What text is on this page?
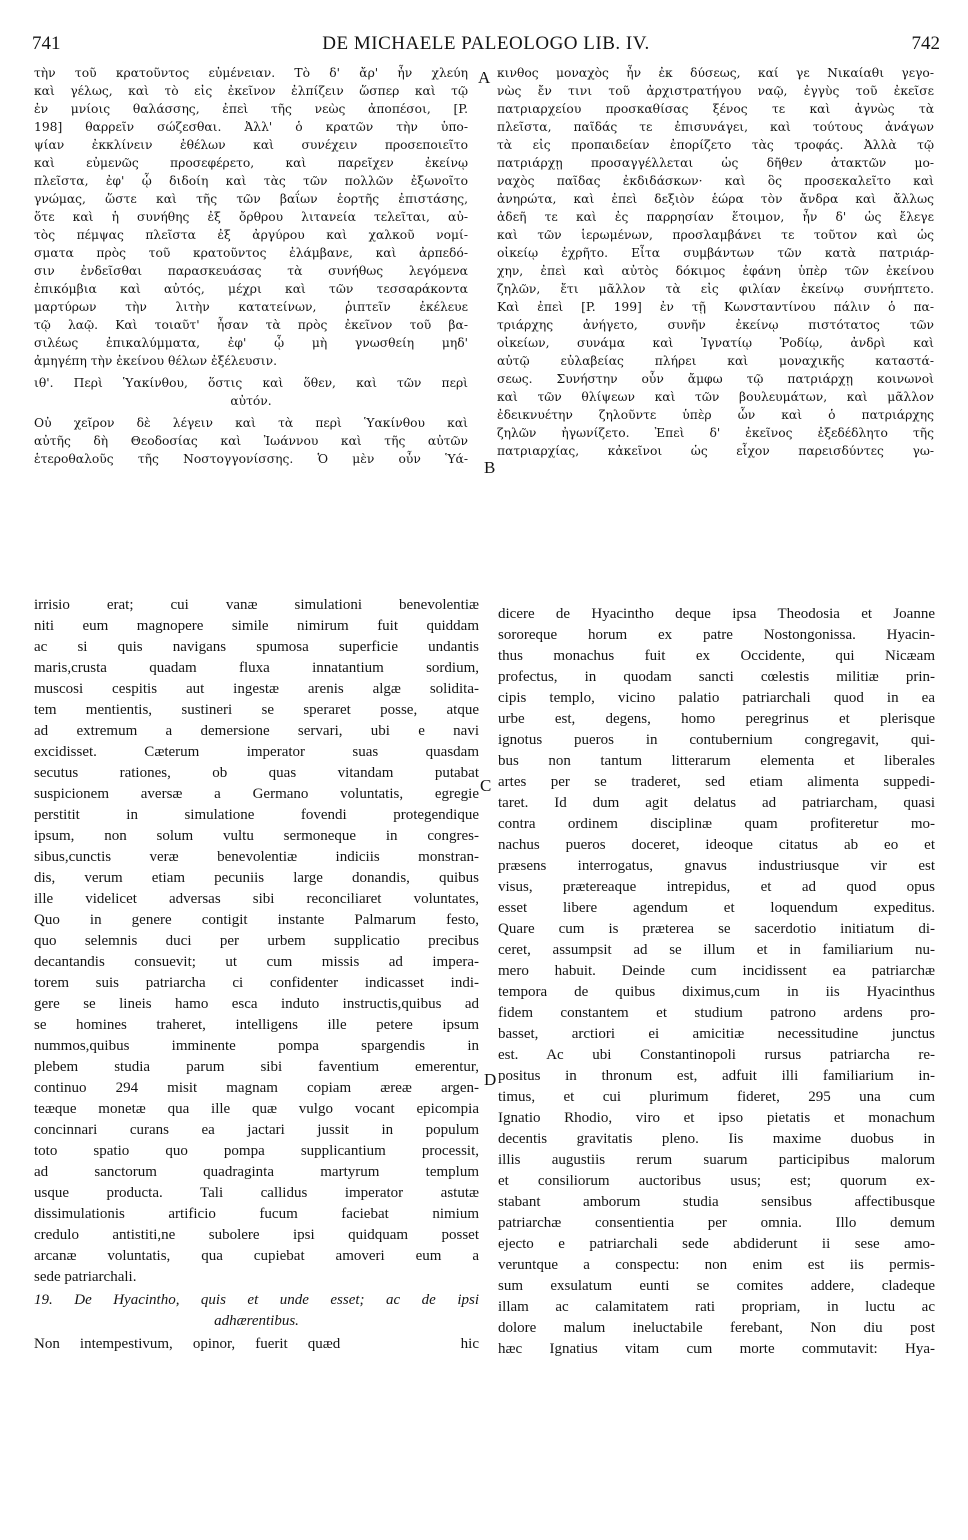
741	DE MICHAELE PALEOLOGO LIB. IV.	742
A
B
C
D
τὴν τοῦ κρατοῦντος εὐμένειαν. Τὸ δ' ἄρ' ἦν χλεύη
καὶ γέλως, καὶ τὸ εἰς ἐκεῖνον ἐλπίζειν ὥσπερ καὶ τῷ
ἐν μνίοις θαλάσσης, ἐπεὶ τῆς νεὼς ἀποπέσοι, [P.
198] θαρρεῖν σώζεσθαι. Ἀλλ' ὁ κρατῶν τὴν ὑπο-
ψίαν ἐκκλίνειν ἐθέλων καὶ συνέχειν προσεποιεῖτο
καὶ εὐμενῶς προσεφέρετο, καὶ παρεῖχεν ἐκείνῳ
πλεῖστα, ἐφ' ᾧ διδοίη καὶ τὰς τῶν πολλῶν ἐξωνοῖτο
γνώμας, ὥστε καὶ τῆς τῶν βαΐων ἑορτῆς ἐπιστάσης,
ὅτε καὶ ἡ συνήθης ἐξ ὄρθρου λιτανεία τελεῖται, αὐ-
τὸς πέμψας πλεῖστα ἐξ ἀργύρου καὶ χαλκοῦ νομί-
σματα πρὸς τοῦ κρατοῦντος ἐλάμβανε, καὶ ἀρπεδό-
σιν ἐνδεῖσθαι παρασκευάσας τὰ συνήθως λεγόμενα
ἐπικόμβια καὶ αὐτός, μέχρι καὶ τῶν τεσσαράκοντα
μαρτύρων τὴν λιτὴν κατατείνων, ῥιπτεῖν ἐκέλευε
τῷ λαῷ. Καὶ τοιαῦτ' ἦσαν τὰ πρὸς ἐκεῖνον τοῦ βα-
σιλέως ἐπικαλύμματα, ἐφ' ᾧ μὴ γνωσθείη μηδ'
ἀμηγέπη τὴν ἐκείνου θέλων ἐξέλευσιν.
ιθ'. Περὶ Ὑακίνθου, ὅστις καὶ ὅθεν, καὶ τῶν περὶ
αὐτόν.
Οὐ χεῖρον δὲ λέγειν καὶ τὰ περὶ Ὑακίνθου καὶ
αὐτῆς δὴ Θεοδοσίας καὶ Ἰωάννου καὶ τῆς αὐτῶν
ἑτεροθαλοῦς τῆς Νοστογγονίσσης. Ὁ μὲν οὖν Ὑά-
κινθος μοναχὸς ἦν ἐκ δύσεως, καί γε Νικαίαθι γεγο-
νὼς ἔν τινι τοῦ ἀρχιστρατήγου ναῷ, ἐγγὺς τοῦ ἐκεῖσε
πατριαρχείου προσκαθίσας ξένος τε καὶ ἀγνὼς τὰ
πλεῖστα, παῖδάς τε ἐπισυνάγει, καὶ τούτους ἀνάγων
τὰ εἰς προπαιδείαν ἐπορίζετο τὰς τροφάς. Ἀλλὰ τῷ
πατριάρχῃ προσαγγέλλεται ὡς δῆθεν ἀτακτῶν μο-
ναχὸς παῖδας ἐκδιδάσκων· καὶ ὃς προσεκαλεῖτο καὶ
ἀνηρώτα, καὶ ἐπεὶ δεξιὸν ἑώρα τὸν ἄνδρα καὶ ἄλλως
ἀδεῆ τε καὶ ἐς παρρησίαν ἕτοιμον, ἦν δ' ὡς ἔλεγε
καὶ τῶν ἱερωμένων, προσλαμβάνει τε τοῦτον καὶ ὡς
οἰκείῳ ἐχρῆτο. Εἶτα συμβάντων τῶν κατὰ πατριάρ-
χην, ἐπεὶ καὶ αὐτὸς δόκιμος ἐφάνη ὑπὲρ τῶν ἐκείνου
ζηλῶν, ἔτι μᾶλλον τὰ εἰς φιλίαν ἐκείνῳ συνήπτετο.
Καὶ ἐπεὶ [P. 199] ἐν τῇ Κωνσταντίνου πάλιν ὁ πα-
τριάρχης ἀνήγετο, συνῆν ἐκείνῳ πιστότατος τῶν
οἰκείων, συνάμα καὶ Ἰγνατίῳ Ῥοδίῳ, ἀνδρὶ καὶ
αὐτῷ εὐλαβείας πλήρει καὶ μοναχικῆς καταστά-
σεως. Συνήστην οὖν ἄμφω τῷ πατριάρχῃ κοινωνοὶ
καὶ τῶν θλίψεων καὶ τῶν βουλευμάτων, καὶ μᾶλλον
ἐδεικνυέτην ζηλοῦντε ὑπὲρ ὧν καὶ ὁ πατριάρχης
ζηλῶν ἠγωνίζετο. Ἐπεὶ δ' ἐκεῖνος ἐξεδέδλητο τῆς
πατριαρχίας, κἀκεῖνοι ὡς εἶχον παρεισδύντες γω-
irrisio erat; cui vanæ simulationi benevolentiæ
niti eum magnopere simile nimirum fuit quiddam
ac si quis navigans spumosa superficie undantis
maris,crusta quadam fluxa innatantium sordium,
muscosi cespitis aut ingestæ arenis algæ solidita-
tem mentientis, sustineri se speraret posse, atque
ad extremum a demersione servari, ubi e navi
excidisset. Cæterum imperator suas quasdam
secutus rationes, ob quas vitandam putabat
suspicionem aversæ a Germano voluntatis, egregie
perstitit in simulatione fovendi protegendique
ipsum, non solum vultu sermoneque in congres-
sibus,cunctis veræ benevolentiæ indiciis monstran-
dis, verum etiam pecuniis large donandis, quibus
ille videlicet adversas sibi reconciliaret voluntates,
Quo in genere contigit instante Palmarum festo,
quo selemnis duci per urbem supplicatio precibus
decantandis consuevit; ut cum missis ad impera-
torem suis patriarcha ci confidenter indicasset indi-
gere se lineis hamo esca induto instructis,quibus ad
se homines traheret, intelligens ille petere ipsum
nummos,quibus imminente pompa spargendis in
plebem studia parum sibi faventium emerentur,
continuo 294 misit magnam copiam æreæ argen-
teæque monetæ qua ille quæ vulgo vocant epicompia
concinnari curans ea jactari jussit in populum
toto spatio quo pompa supplicantium processit,
ad sanctorum quadraginta martyrum templum
usque producta. Tali callidus imperator astutæ
dissimulationis artificio fucum faciebat nimium
credulo antistiti,ne subolere ipsi quidquam posset
arcanæ voluntatis, qua cupiebat amoveri eum a
sede patriarchali.
19. De Hyacintho, quis et unde esset; ac de ipsi
adhærentibus.
Non intempestivum, opinor, fuerit quæd      hic
dicere de Hyacintho deque ipsa Theodosia et Joanne
sororeque horum ex patre Nostongonissa. Hyacin-
thus monachus fuit ex Occidente, qui Nicæam
profectus, in quodam sancti cœlestis militiæ prin-
cipis templo, vicino palatio patriarchali quod in ea
urbe est, degens, homo peregrinus et plerisque
ignotus pueros in contubernium congregavit, qui-
bus non tantum litterarum elementa et liberales
artes per se traderet, sed etiam alimenta suppedi-
taret. Id dum agit delatus ad patriarcham, quasi
contra ordinem disciplinæ quam profiteretur mo-
nachus pueros doceret, ideoque citatus ab eo et
præsens interrogatus, gnavus industriusque vir est
visus, prætereaque intrepidus, et ad quod opus
esset libere agendum et loquendum expeditus.
Quare cum is præterea se sacerdotio initiatum di-
ceret, assumpsit ad se illum et in familiarium nu-
mero habuit. Deinde cum incidissent ea patriarchæ
tempora de quibus diximus,cum in iis Hyacinthus
fidem constantem et studium patrono ardens pro-
basset, arctiori ei amicitiæ necessitudine junctus
est. Ac ubi Constantinopoli rursus patriarcha re-
positus in thronum est, adfuit illi familiarium in-
timus, et cui plurimum fideret, 295 una cum
Ignatio Rhodio, viro et ipso pietatis et monachum
decentis gravitatis pleno. Iis maxime duobus in
illis augustiis rerum suarum participibus malorum
et consiliorum auctoribus usus; est; quorum ex-
stabant amborum studia sensibus affectibusque
patriarchæ consentientia per omnia. Illo demum
ejecto e patriarchali sede abdiderunt ii sese amo-
veruntque a conspectu: non enim est iis permis-
sum exsulatum eunti se comites addere, cladeque
illam ac calamitatem rati propriam, in luctu ac
dolore malum ineluctabile ferebant, Non diu post
hæc Ignatius vitam cum morte commutavit: Hya-
